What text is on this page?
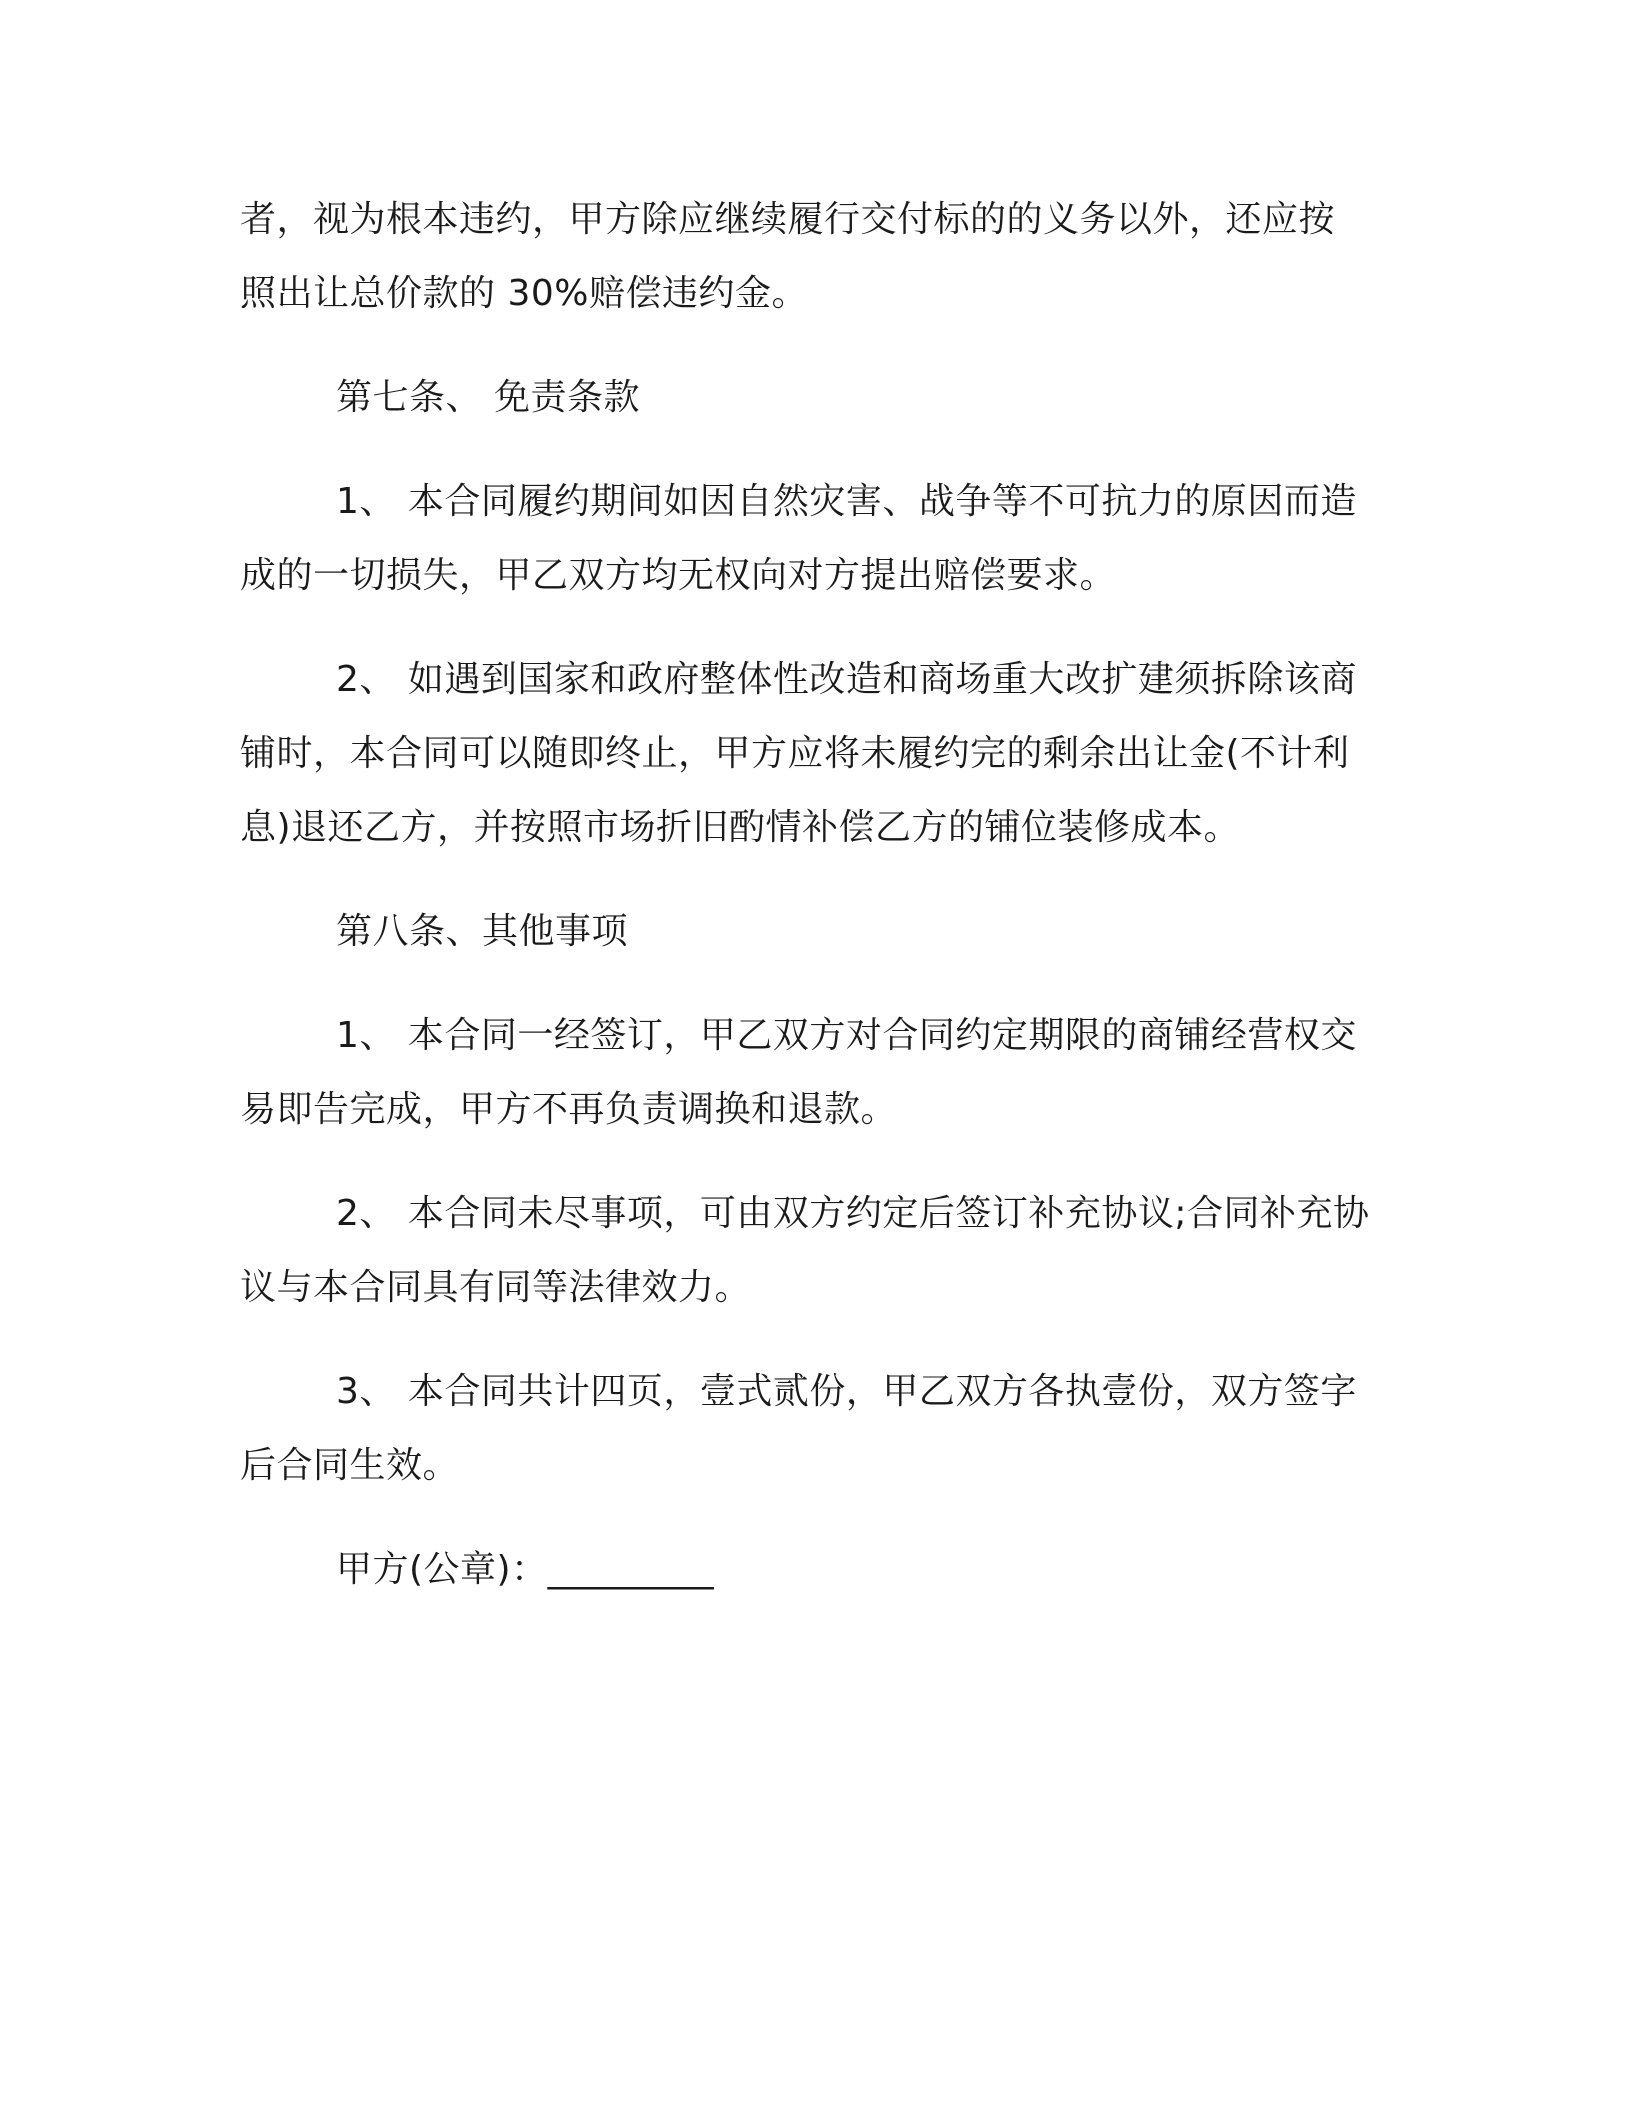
者，视为根本违约，甲方除应继续履行交付标的的义务以外，还应按
照出让总价款的 30%赔偿违约金。
第七条、 免责条款
1、 本合同履约期间如因自然灾害、战争等不可抗力的原因而造
成的一切损失，甲乙双方均无权向对方提出赔偿要求。
2、 如遇到国家和政府整体性改造和商场重大改扩建须拆除该商
铺时，本合同可以随即终止，甲方应将未履约完的剩余出让金(不计利
息)退还乙方，并按照市场折旧酌情补偿乙方的铺位装修成本。
第八条、其他事项
1、 本合同一经签订，甲乙双方对合同约定期限的商铺经营权交
易即告完成，甲方不再负责调换和退款。
2、 本合同未尽事项，可由双方约定后签订补充协议;合同补充协
议与本合同具有同等法律效力。
3、 本合同共计四页，壹式贰份，甲乙双方各执壹份，双方签字
后合同生效。
甲方(公章)：_________
